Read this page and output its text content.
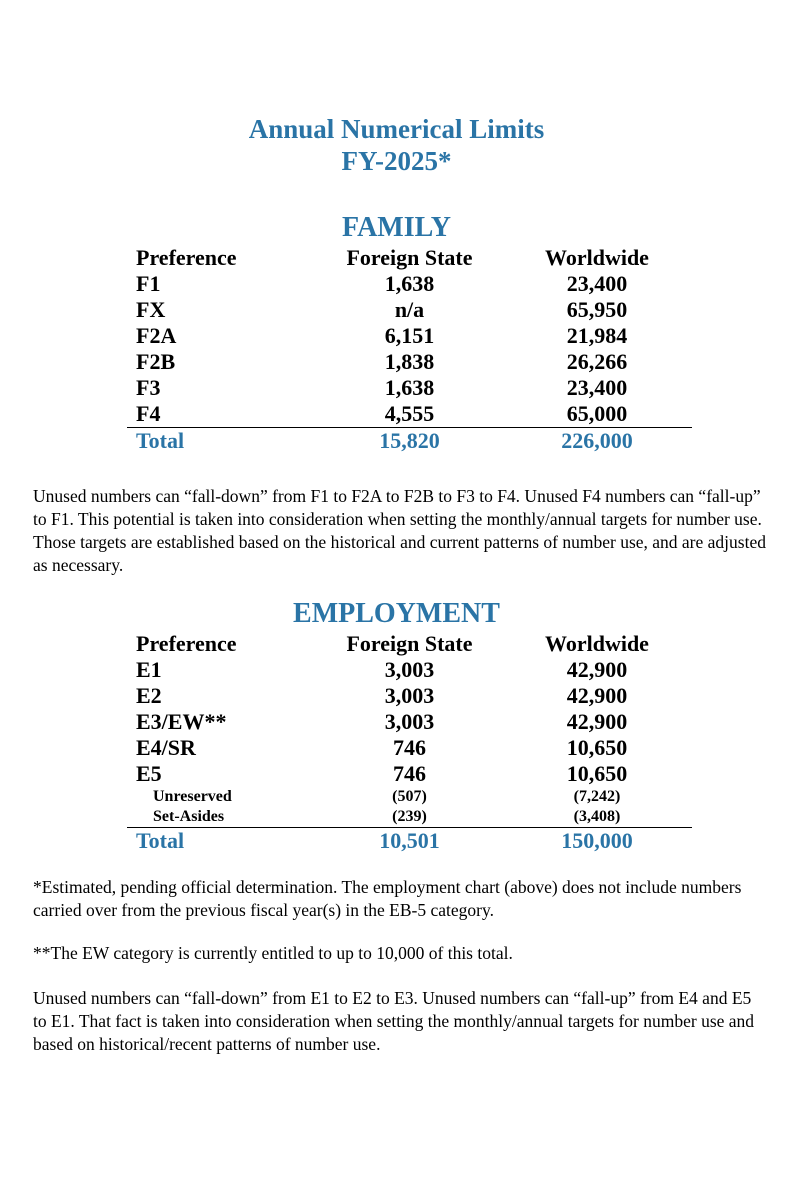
Annual Numerical Limits
FY-2025*
FAMILY
Preference	Foreign State	Worldwide
F1	1,638	23,400
FX	n/a	65,950
F2A	6,151	21,984
F2B	1,838	26,266
F3	1,638	23,400
F4	4,555	65,000
Total	15,820	226,000

Unused numbers can “fall-down” from F1 to F2A to F2B to F3 to F4. Unused F4 numbers can “fall-up” to F1. This potential is taken into consideration when setting the monthly/annual targets for number use. Those targets are established based on the historical and current patterns of number use, and are adjusted as necessary.

EMPLOYMENT
Preference	Foreign State	Worldwide
E1	3,003	42,900
E2	3,003	42,900
E3/EW**	3,003	42,900
E4/SR	746	10,650
E5	746	10,650
Unreserved	(507)	(7,242)
Set-Asides	(239)	(3,408)
Total	10,501	150,000

*Estimated, pending official determination. The employment chart (above) does not include numbers carried over from the previous fiscal year(s) in the EB-5 category.

**The EW category is currently entitled to up to 10,000 of this total.

Unused numbers can “fall-down” from E1 to E2 to E3. Unused numbers can “fall-up” from E4 and E5 to E1. That fact is taken into consideration when setting the monthly/annual targets for number use and based on historical/recent patterns of number use.
